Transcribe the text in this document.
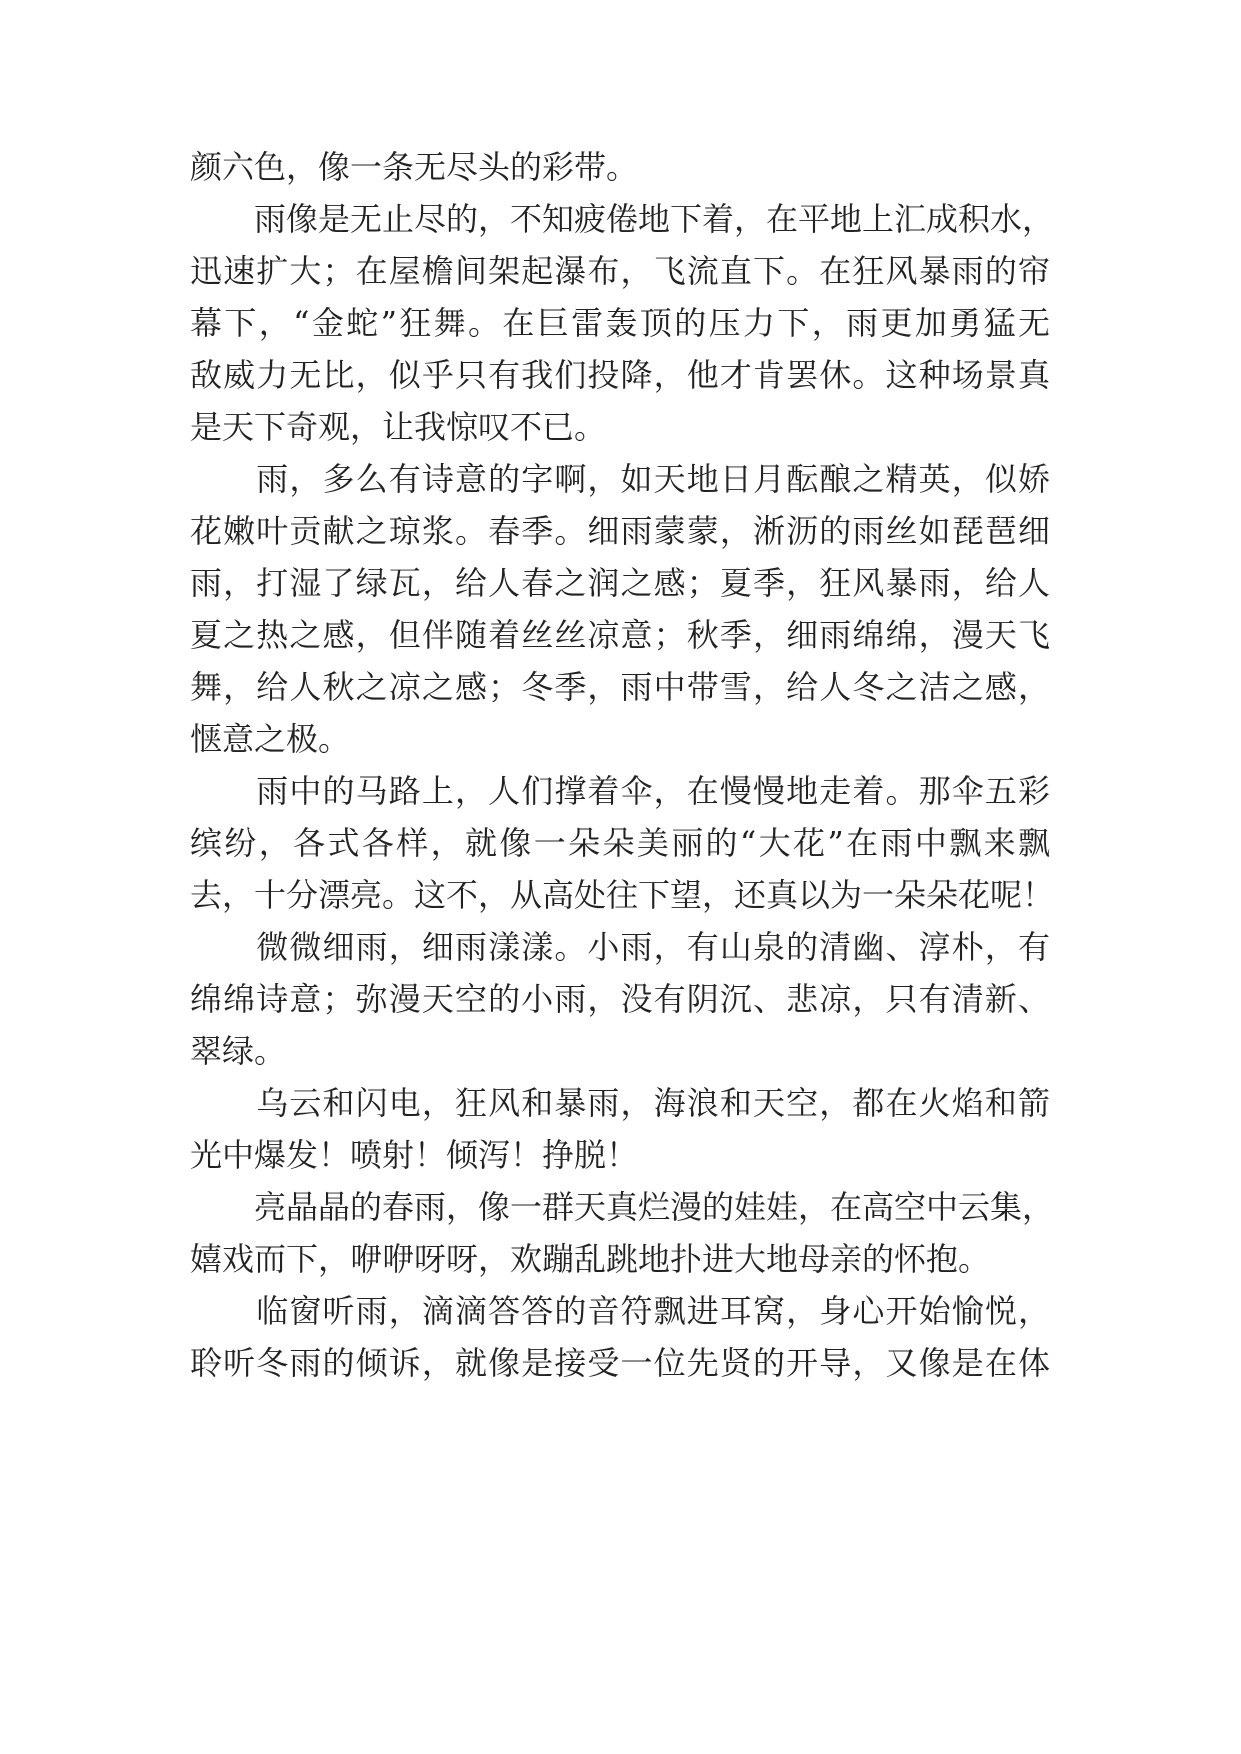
颜六色，像一条无尽头的彩带。
　　雨像是无止尽的，不知疲倦地下着，在平地上汇成积水，
迅速扩大；在屋檐间架起瀑布，飞流直下。在狂风暴雨的帘
幕下，“金蛇”狂舞。在巨雷轰顶的压力下，雨更加勇猛无
敌威力无比，似乎只有我们投降，他才肯罢休。这种场景真
是天下奇观，让我惊叹不已。
　　雨，多么有诗意的字啊，如天地日月酝酿之精英，似娇
花嫩叶贡献之琼浆。春季。细雨蒙蒙，淅沥的雨丝如琵琶细
雨，打湿了绿瓦，给人春之润之感；夏季，狂风暴雨，给人
夏之热之感，但伴随着丝丝凉意；秋季，细雨绵绵，漫天飞
舞，给人秋之凉之感；冬季，雨中带雪，给人冬之洁之感，
惬意之极。
　　雨中的马路上，人们撑着伞，在慢慢地走着。那伞五彩
缤纷，各式各样，就像一朵朵美丽的“大花”在雨中飘来飘
去，十分漂亮。这不，从高处往下望，还真以为一朵朵花呢！
　　微微细雨，细雨漾漾。小雨，有山泉的清幽、淳朴，有
绵绵诗意；弥漫天空的小雨，没有阴沉、悲凉，只有清新、
翠绿。
　　乌云和闪电，狂风和暴雨，海浪和天空，都在火焰和箭
光中爆发！喷射！倾泻！挣脱！
　　亮晶晶的春雨，像一群天真烂漫的娃娃，在高空中云集，
嬉戏而下，咿咿呀呀，欢蹦乱跳地扑进大地母亲的怀抱。
　　临窗听雨，滴滴答答的音符飘进耳窝，身心开始愉悦，
聆听冬雨的倾诉，就像是接受一位先贤的开导，又像是在体
